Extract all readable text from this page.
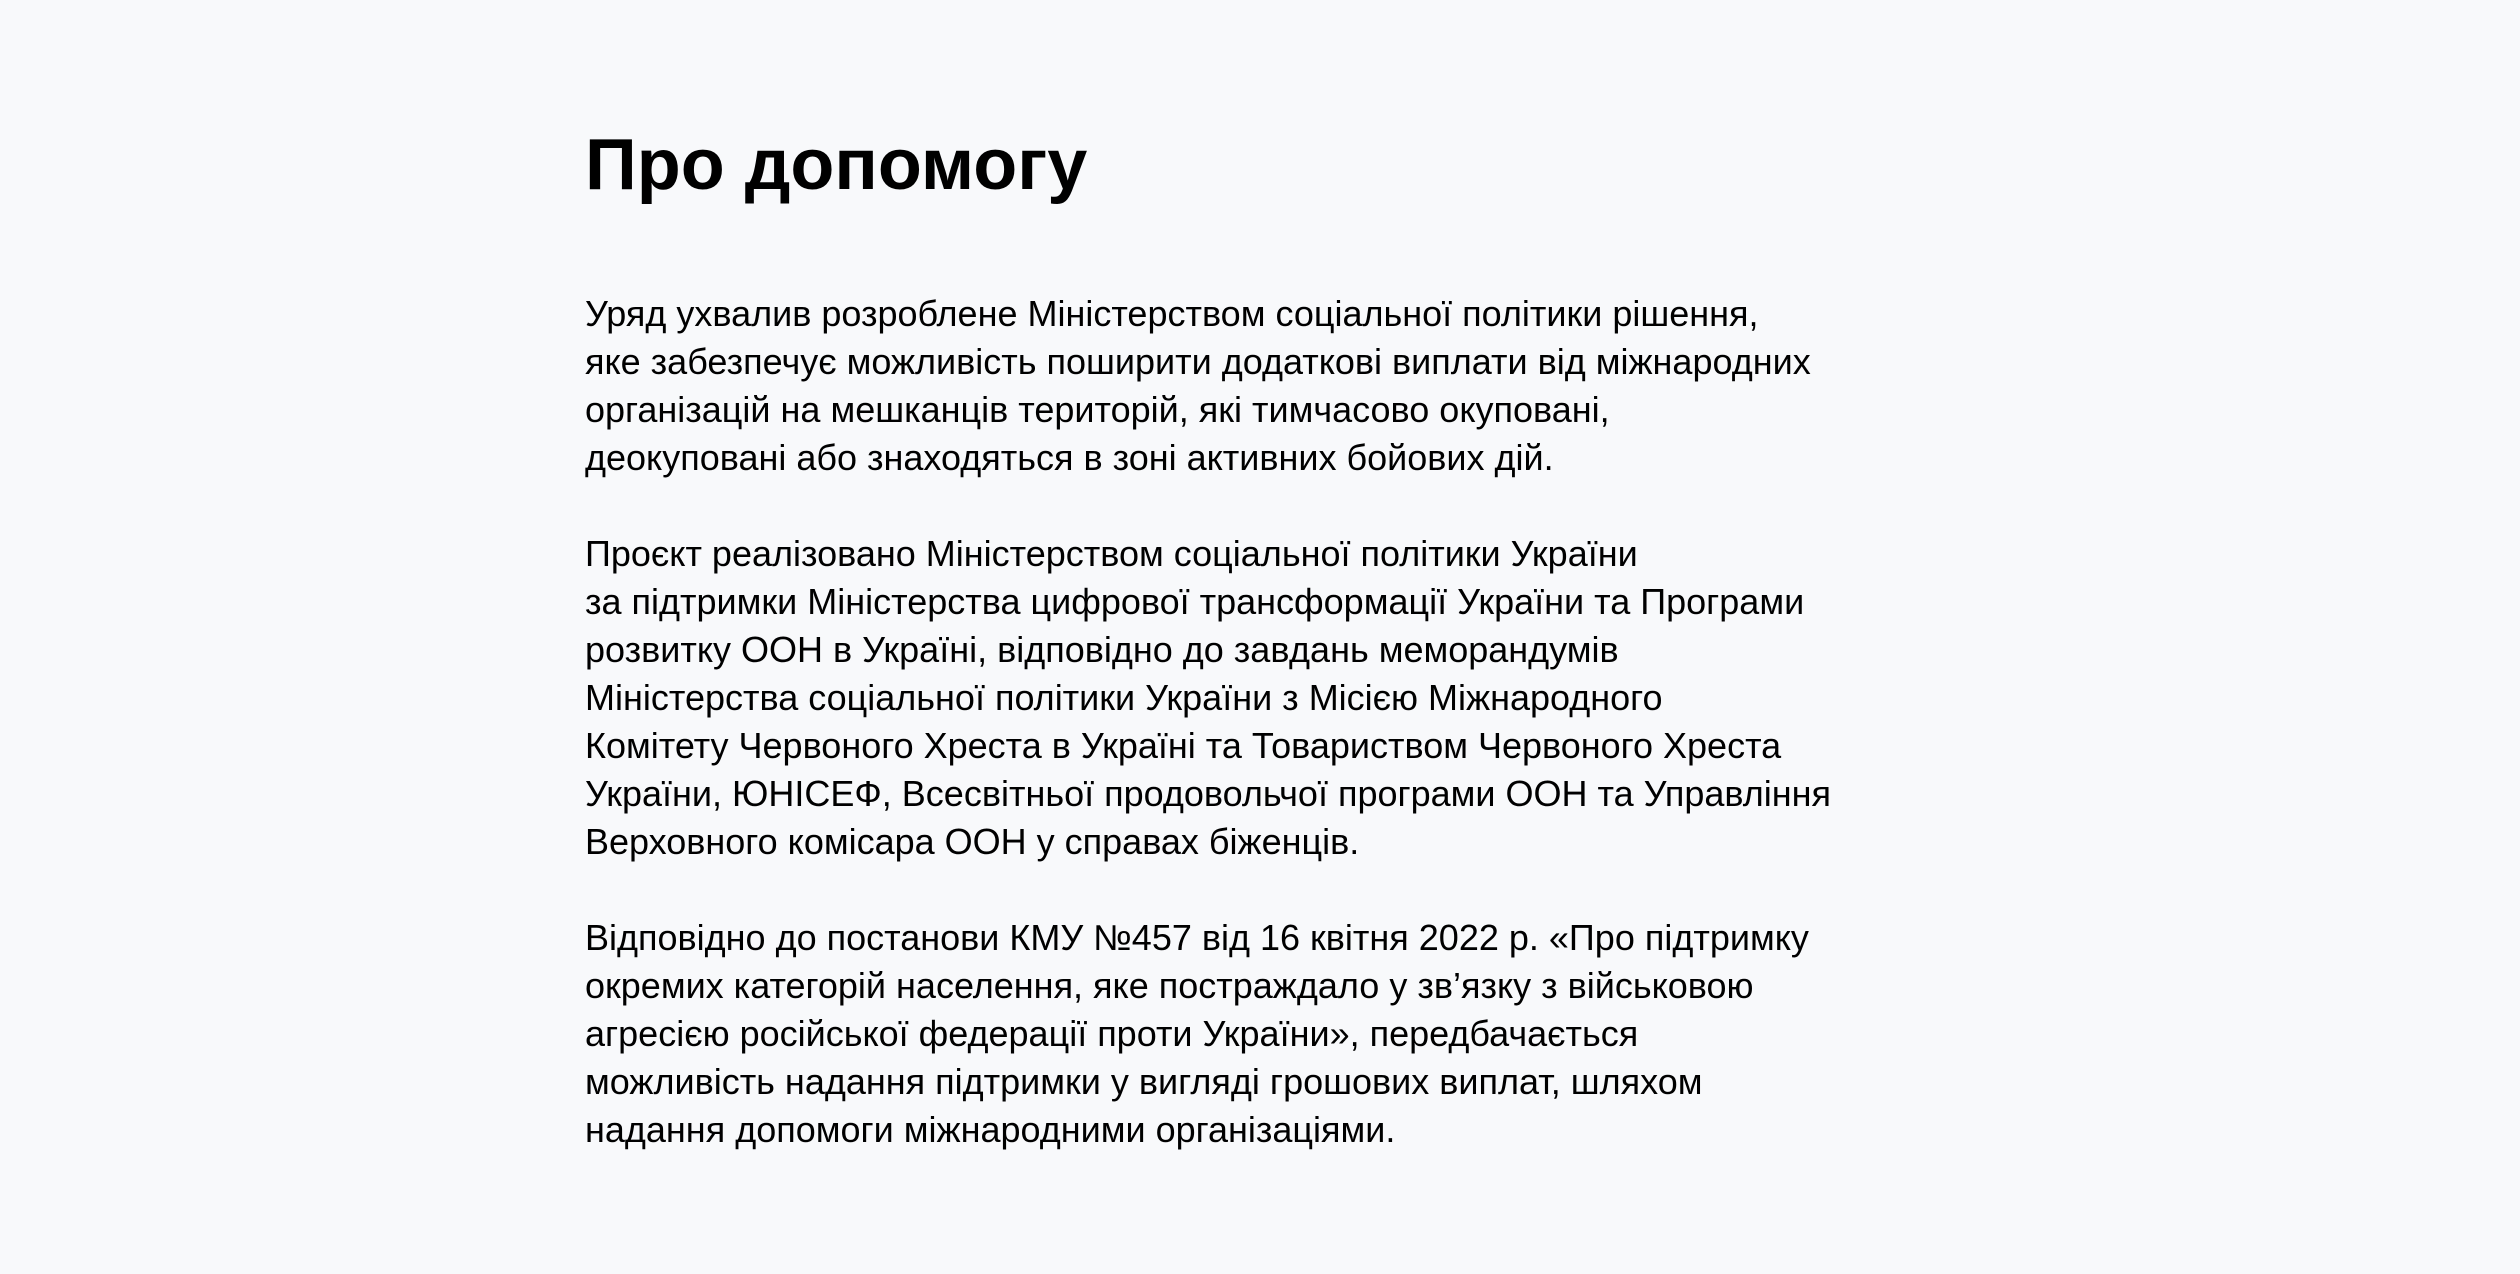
Про допомогу

Уряд ухвалив розроблене Міністерством соціальної політики рішення,
яке забезпечує можливість поширити додаткові виплати від міжнародних
організацій на мешканців територій, які тимчасово окуповані,
деокуповані або знаходяться в зоні активних бойових дій.

Проєкт реалізовано Міністерством соціальної політики України
за підтримки Міністерства цифрової трансформації України та Програми
розвитку ООН в Україні, відповідно до завдань меморандумів
Міністерства соціальної політики України з Місією Міжнародного
Комітету Червоного Хреста в Україні та Товариством Червоного Хреста
України, ЮНІСЕФ, Всесвітньої продовольчої програми ООН та Управління
Верховного комісара ООН у справах біженців.

Відповідно до постанови КМУ №457 від 16 квітня 2022 р. «Про підтримку
окремих категорій населення, яке постраждало у зв’язку з військовою
агресією російської федерації проти України», передбачається
можливість надання підтримки у вигляді грошових виплат, шляхом
надання допомоги міжнародними організаціями.
